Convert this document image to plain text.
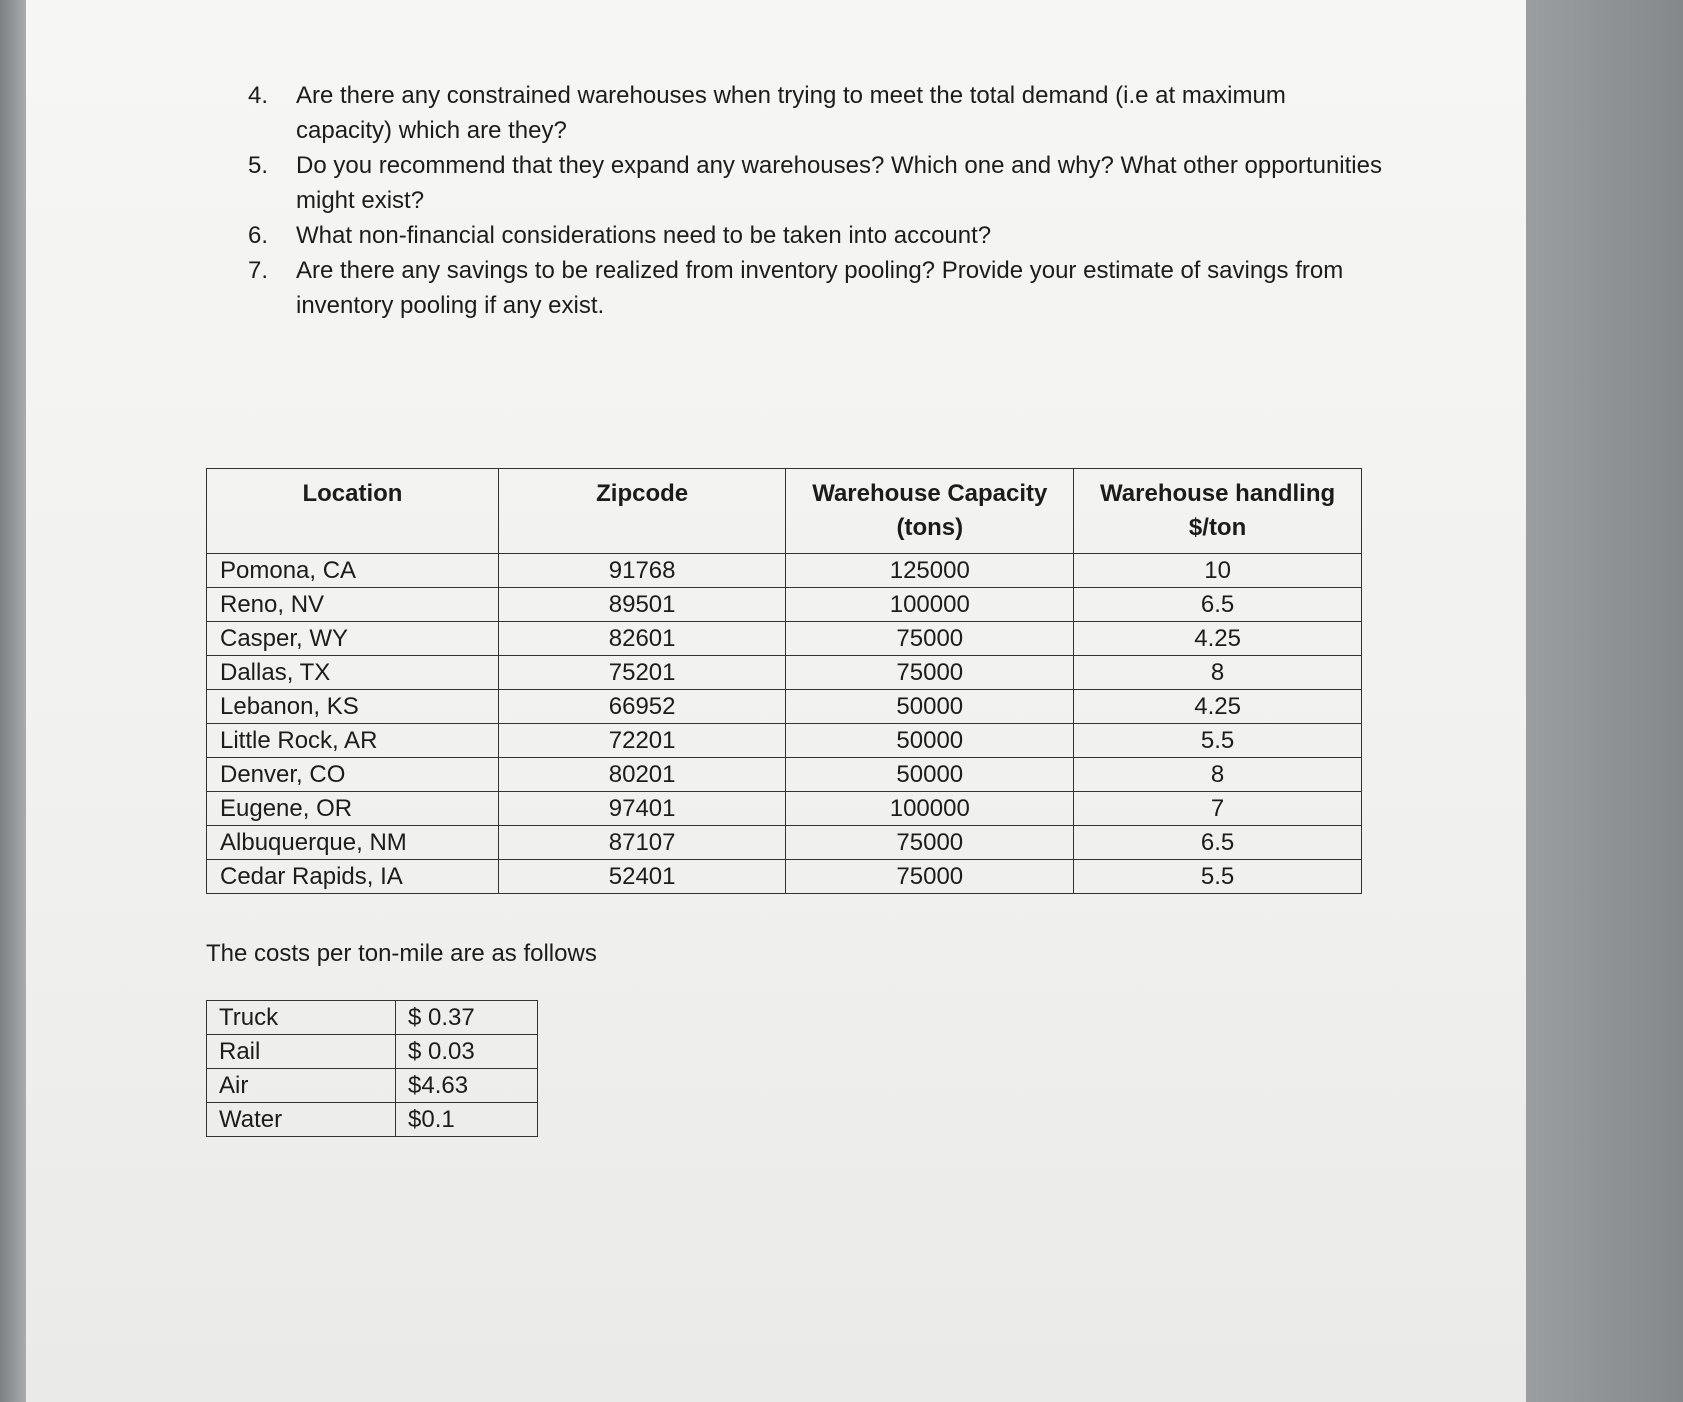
4. Are there any constrained warehouses when trying to meet the total demand (i.e at maximum capacity) which are they?
5. Do you recommend that they expand any warehouses? Which one and why? What other opportunities might exist?
6. What non-financial considerations need to be taken into account?
7. Are there any savings to be realized from inventory pooling? Provide your estimate of savings from inventory pooling if any exist.
Location	Zipcode	Warehouse Capacity (tons)	Warehouse handling $/ton
Pomona, CA	91768	125000	10
Reno, NV	89501	100000	6.5
Casper, WY	82601	75000	4.25
Dallas, TX	75201	75000	8
Lebanon, KS	66952	50000	4.25
Little Rock, AR	72201	50000	5.5
Denver, CO	80201	50000	8
Eugene, OR	97401	100000	7
Albuquerque, NM	87107	75000	6.5
Cedar Rapids, IA	52401	75000	5.5
The costs per ton-mile are as follows
Truck	$ 0.37
Rail	$ 0.03
Air	$4.63
Water	$0.1
